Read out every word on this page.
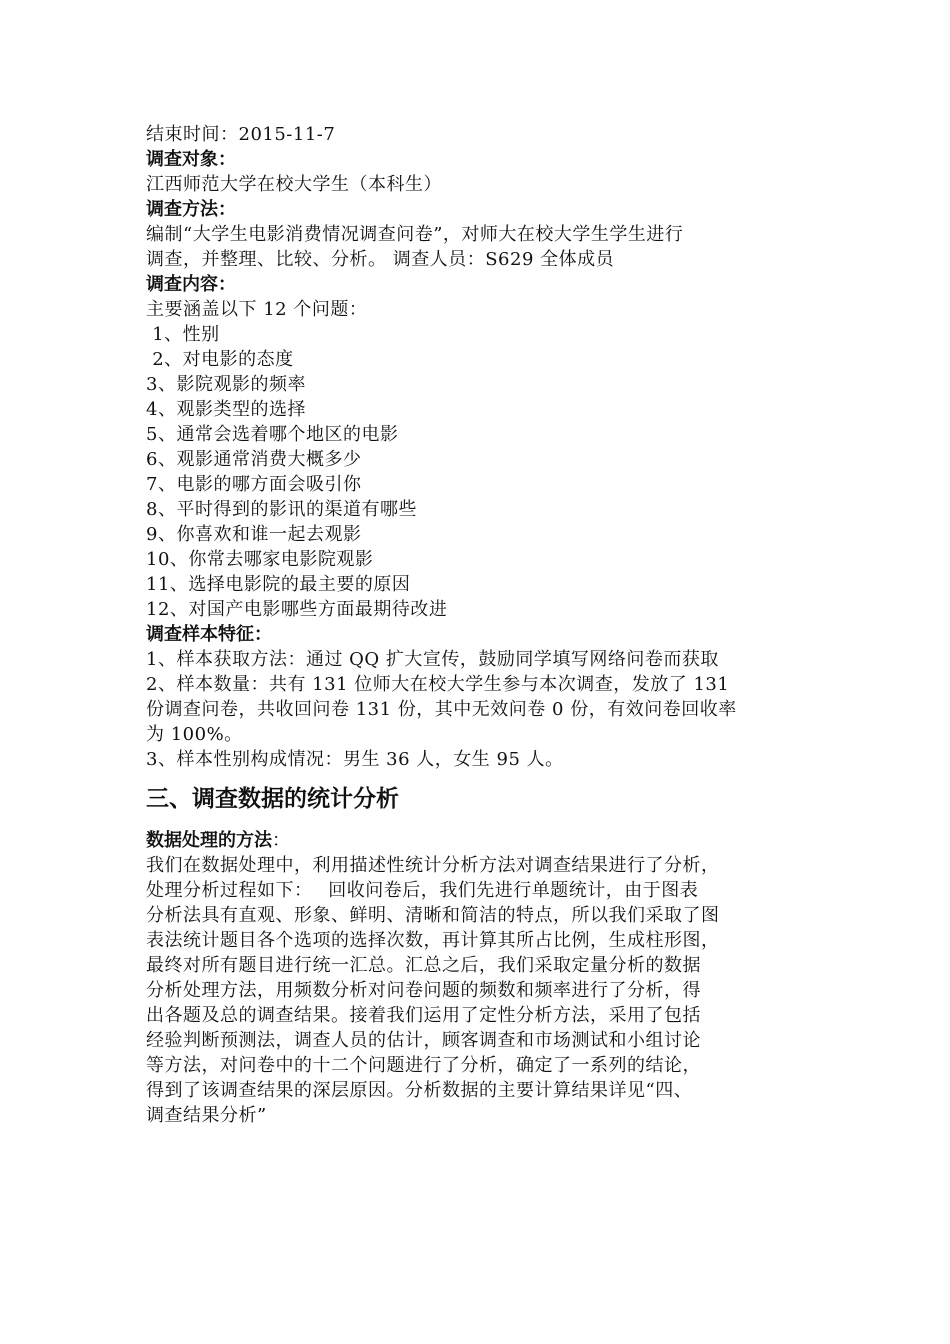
结束时间：2015-11-7
调查对象：
江西师范大学在校大学生（本科生）
调查方法：
编制“大学生电影消费情况调查问卷”，对师大在校大学生学生进行
调查，并整理、比较、分析。 调查人员：S629 全体成员
调查内容：
主要涵盖以下 12 个问题：
1、性别
2、对电影的态度
3、影院观影的频率
4、观影类型的选择
5、通常会选着哪个地区的电影
6、观影通常消费大概多少
7、电影的哪方面会吸引你
8、平时得到的影讯的渠道有哪些
9、你喜欢和谁一起去观影
10、你常去哪家电影院观影
11、选择电影院的最主要的原因
12、对国产电影哪些方面最期待改进
调查样本特征：
1、样本获取方法：通过 QQ 扩大宣传，鼓励同学填写网络问卷而获取
2、样本数量：共有 131 位师大在校大学生参与本次调查，发放了 131
份调查问卷，共收回问卷 131 份，其中无效问卷 0 份，有效问卷回收率
为 100%。
3、样本性别构成情况：男生 36 人，女生 95 人。
三、调查数据的统计分析
数据处理的方法：
我们在数据处理中，利用描述性统计分析方法对调查结果进行了分析，
处理分析过程如下：　 回收问卷后，我们先进行单题统计，由于图表
分析法具有直观、形象、鲜明、清晰和简洁的特点，所以我们采取了图
表法统计题目各个选项的选择次数，再计算其所占比例，生成柱形图，
最终对所有题目进行统一汇总。汇总之后，我们采取定量分析的数据
分析处理方法，用频数分析对问卷问题的频数和频率进行了分析，得
出各题及总的调查结果。接着我们运用了定性分析方法，采用了包括
经验判断预测法，调查人员的估计，顾客调查和市场测试和小组讨论
等方法，对问卷中的十二个问题进行了分析，确定了一系列的结论，
得到了该调查结果的深层原因。分析数据的主要计算结果详见“四、
调查结果分析”
